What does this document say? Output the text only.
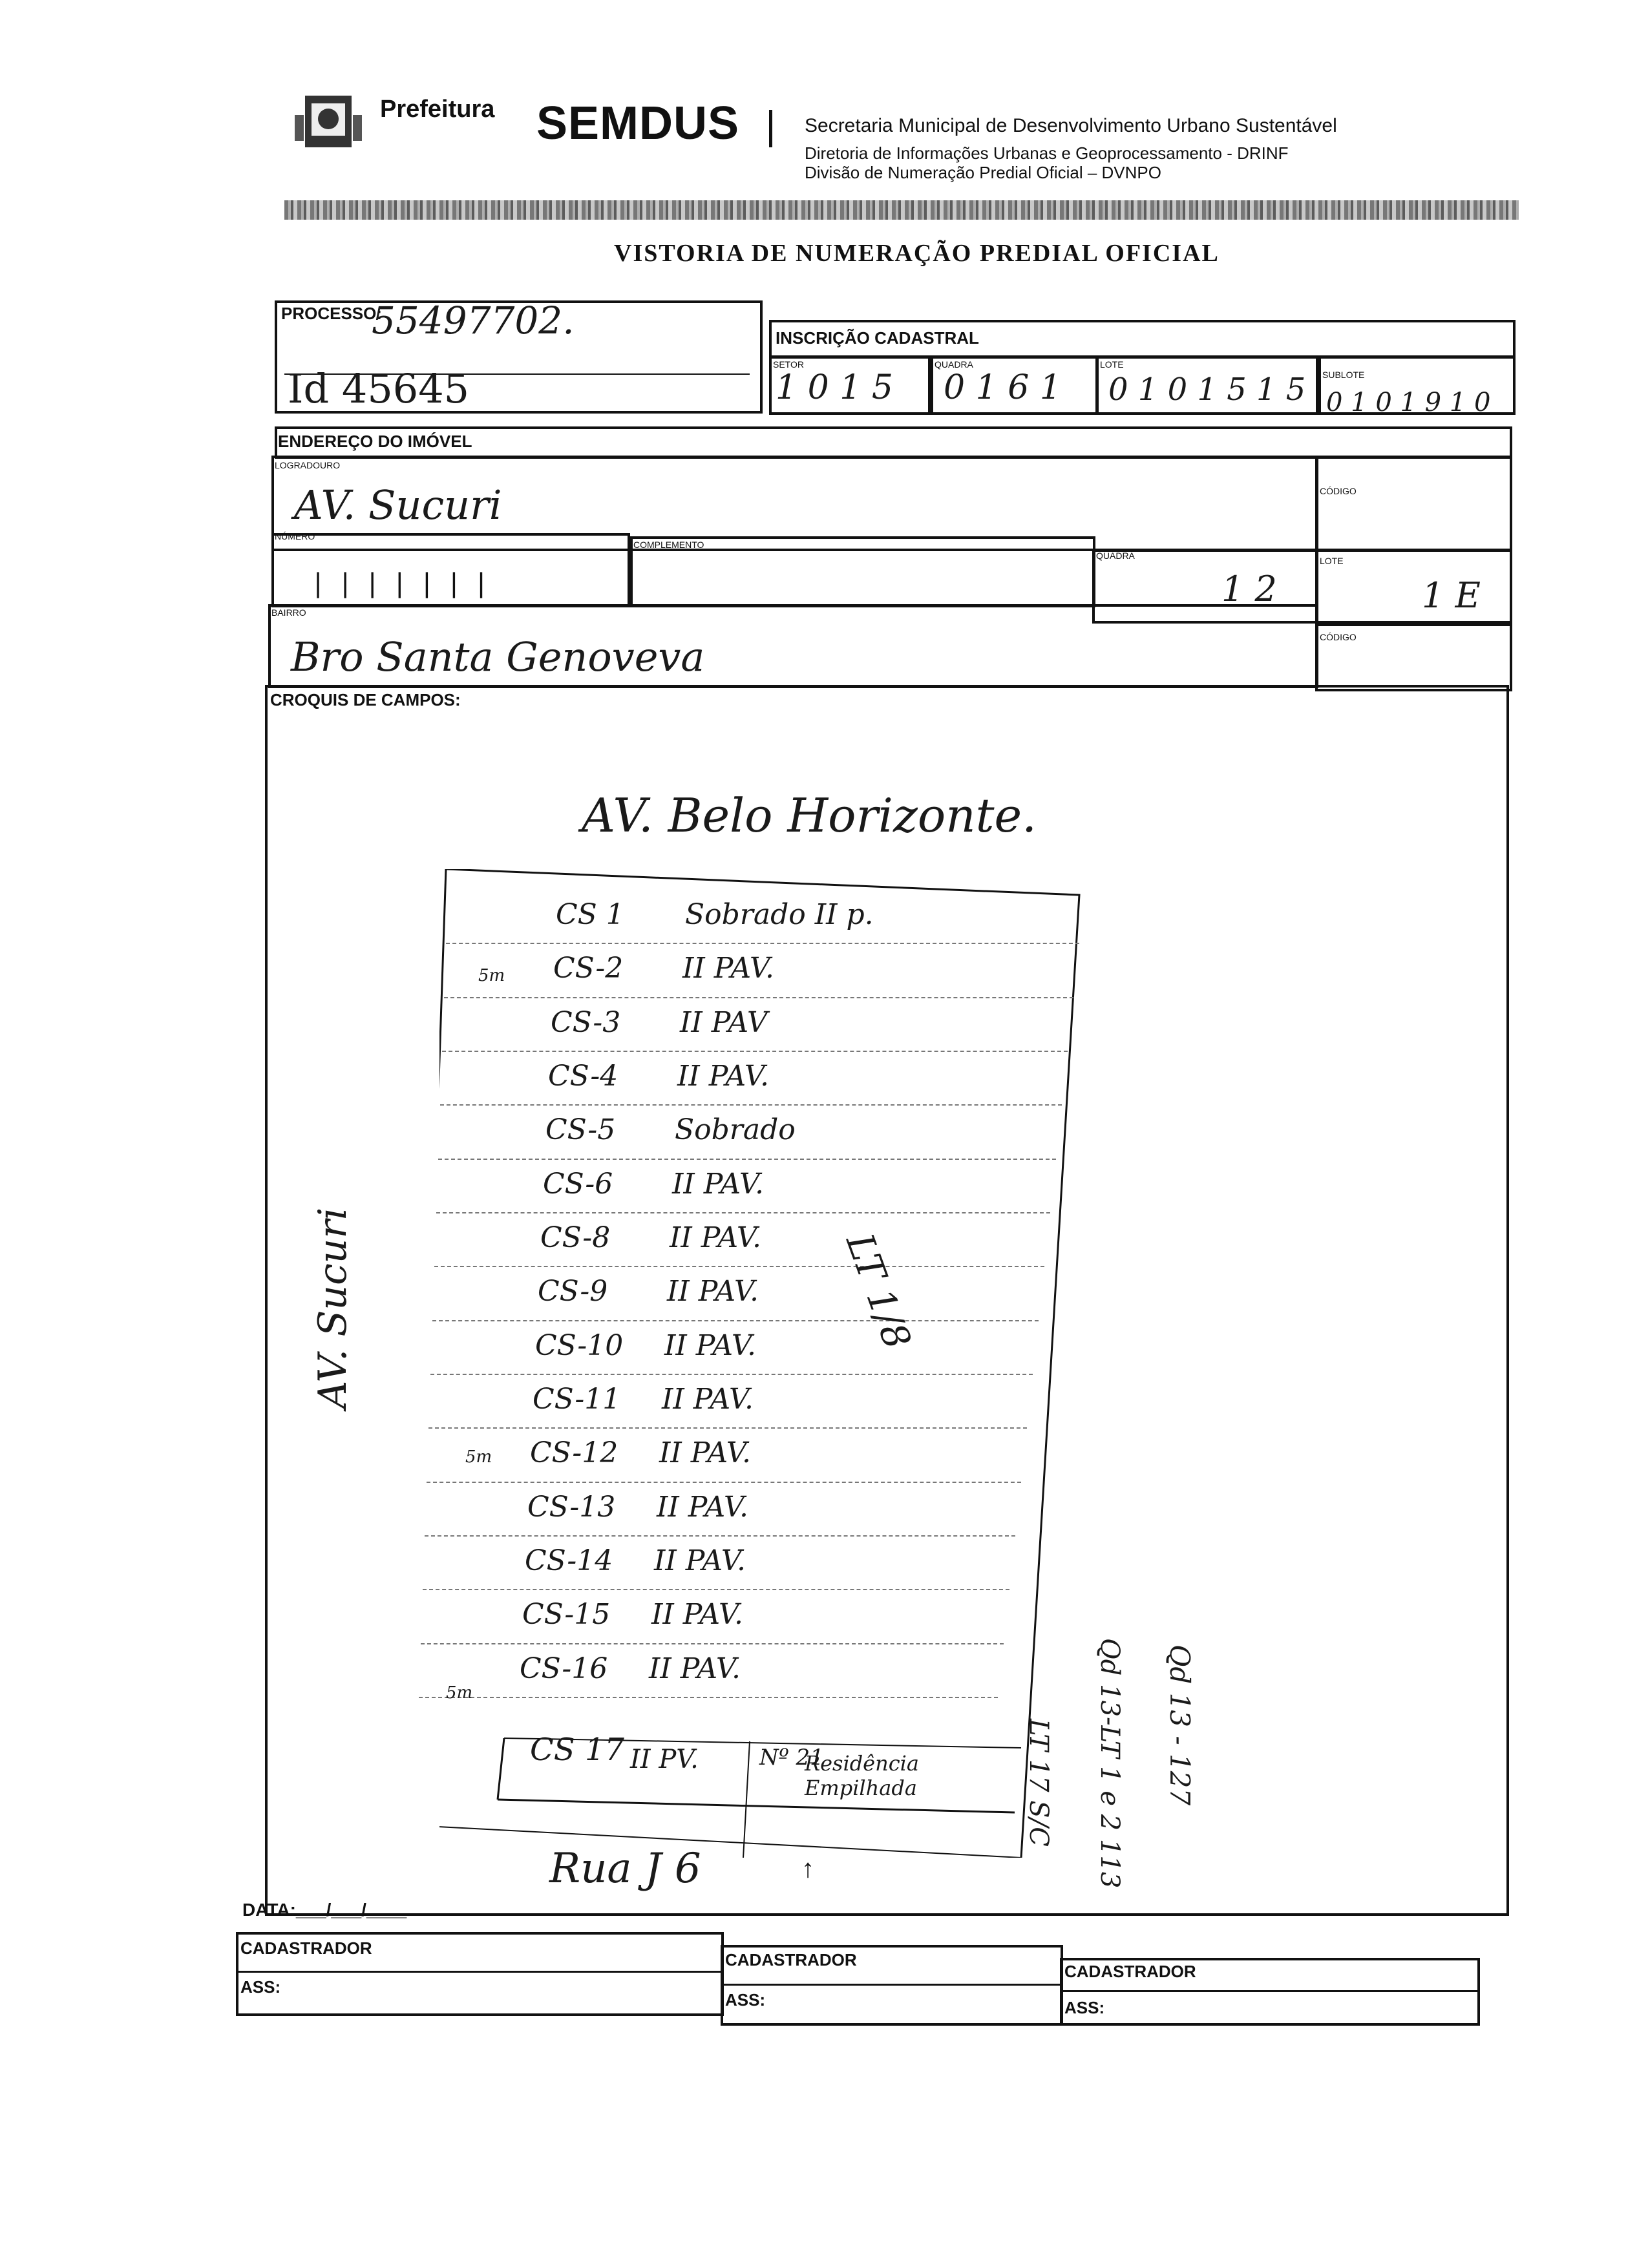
Prefeitura SEMDUS	Secretaria Municipal de Desenvolvimento Urbano Sustentável
Diretoria de Informações Urbanas e Geoprocessamento - DRINF
Divisão de Numeração Predial Oficial – DVNPO
VISTORIA DE NUMERAÇÃO PREDIAL OFICIAL
PROCESSO:
55497702.
Id 45645
INSCRIÇÃO CADASTRAL
SETOR
1 0 1 5
QUADRA
0 1 6 1
LOTE
0 1 0 1 5 1 5 SUBLOTE
0 1 0 1 9 1 0
ENDEREÇO DO IMÓVEL
LOGRADOURO
AV. Sucuri	CÓDIGO
NÚMERO
|||||||
COMPLEMENTO
QUADRA
1 2
LOTE
1 E
BAIRRO
Bro Santa Genoveva	CÓDIGO
CROQUIS DE CAMPOS:
AV. Belo Horizonte.
AV. Sucuri
Rua J 6
CS 1 Sobrado II p.
CS-2 II PAV.
CS-3 II PAV
CS-4 II PAV.
CS-5 Sobrado
CS-6 II PAV.
CS-8 II PAV.
CS-9 II PAV.
CS-10 II PAV.
CS-11 II PAV.
CS-12 II PAV.
CS-13 II PAV.
CS-14 II PAV.
CS-15 II PAV.
CS-16 II PAV.
LT 1/8
5m
5m
5m
CS 17 II PV.	Nº 21
Residência Empilhada	LT 17 S/C Qd 13-LT 1 e 2 113 Qd 13 - 127
↑
DATA:___/___/____
CADASTRADOR
ASS:
CADASTRADOR
ASS:
CADASTRADOR
ASS:
